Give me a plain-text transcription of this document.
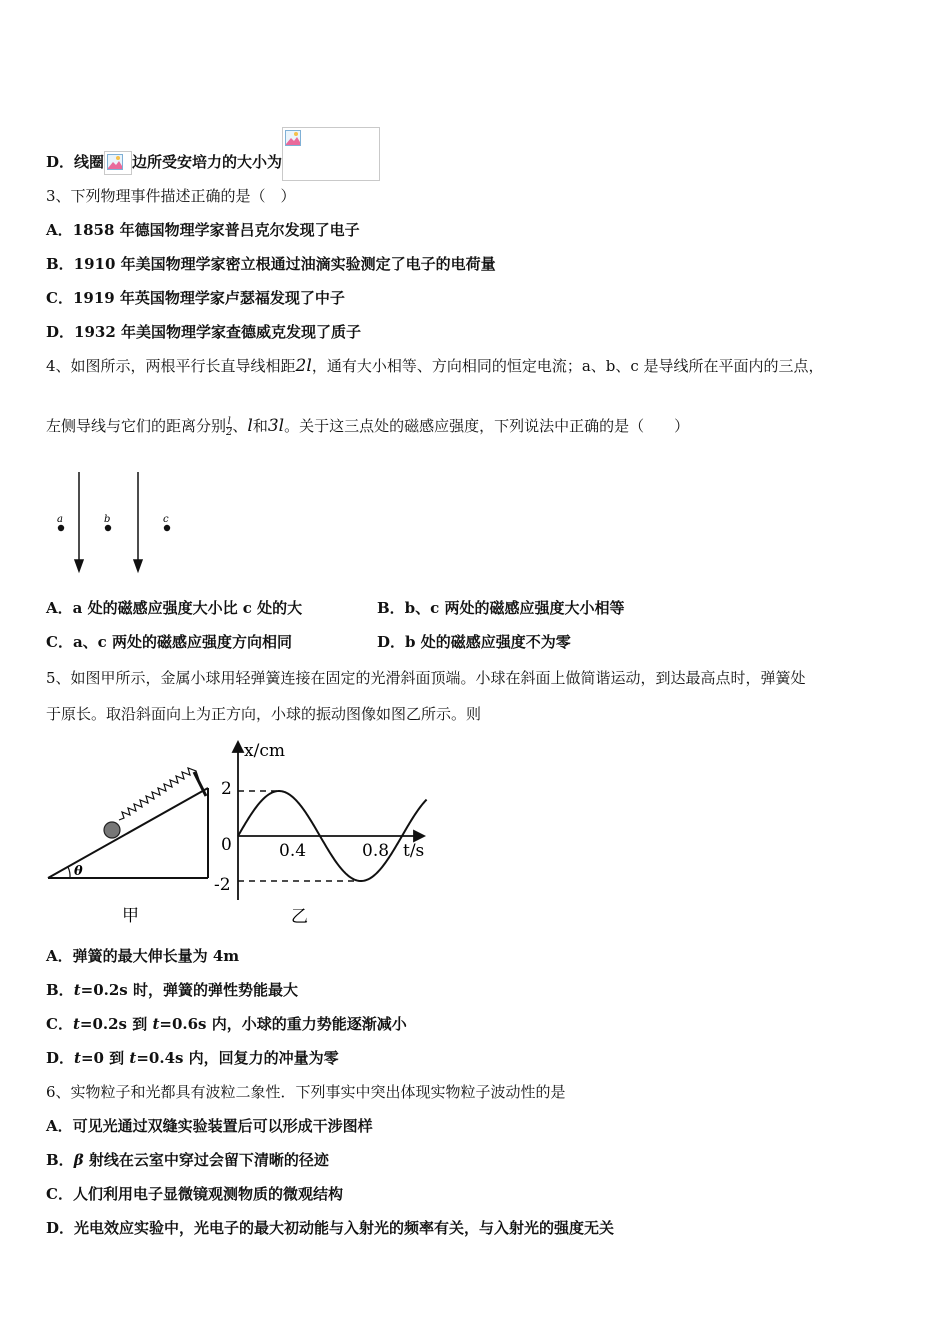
D．线圈 边所受安培力的大小为
3、下列物理事件描述正确的是（　）
A．1858 年德国物理学家普吕克尔发现了电子
B．1910 年美国物理学家密立根通过油滴实验测定了电子的电荷量
C．1919 年英国物理学家卢瑟福发现了中子
D．1932 年美国物理学家查德威克发现了质子
4、如图所示，两根平行长直导线相距2l，通有大小相等、方向相同的恒定电流；a、b、c 是导线所在平面内的三点，
左侧导线与它们的距离分别 $\frac{l}{2}$ 、l和3l。关于这三点处的磁感应强度，下列说法中正确的是（　　）
a	b	c
A．a 处的磁感应强度大小比 c 处的大	B．b、c 两处的磁感应强度大小相等
C．a、c 两处的磁感应强度方向相同	D．b 处的磁感应强度不为零
5、如图甲所示，金属小球用轻弹簧连接在固定的光滑斜面顶端。小球在斜面上做简谐运动，到达最高点时，弹簧处
于原长。取沿斜面向上为正方向，小球的振动图像如图乙所示。则
θ
甲
x/cm
t/s
2
0
-2
0.4	0.8
乙
A．弹簧的最大伸长量为 4m
B．t=0.2s 时，弹簧的弹性势能最大
C．t=0.2s 到 t=0.6s 内，小球的重力势能逐渐减小
D．t=0 到 t=0.4s 内，回复力的冲量为零
6、实物粒子和光都具有波粒二象性．下列事实中突出体现实物粒子波动性的是
A．可见光通过双缝实验装置后可以形成干涉图样
B．β 射线在云室中穿过会留下清晰的径迹
C．人们利用电子显微镜观测物质的微观结构
D．光电效应实验中，光电子的最大初动能与入射光的频率有关，与入射光的强度无关
